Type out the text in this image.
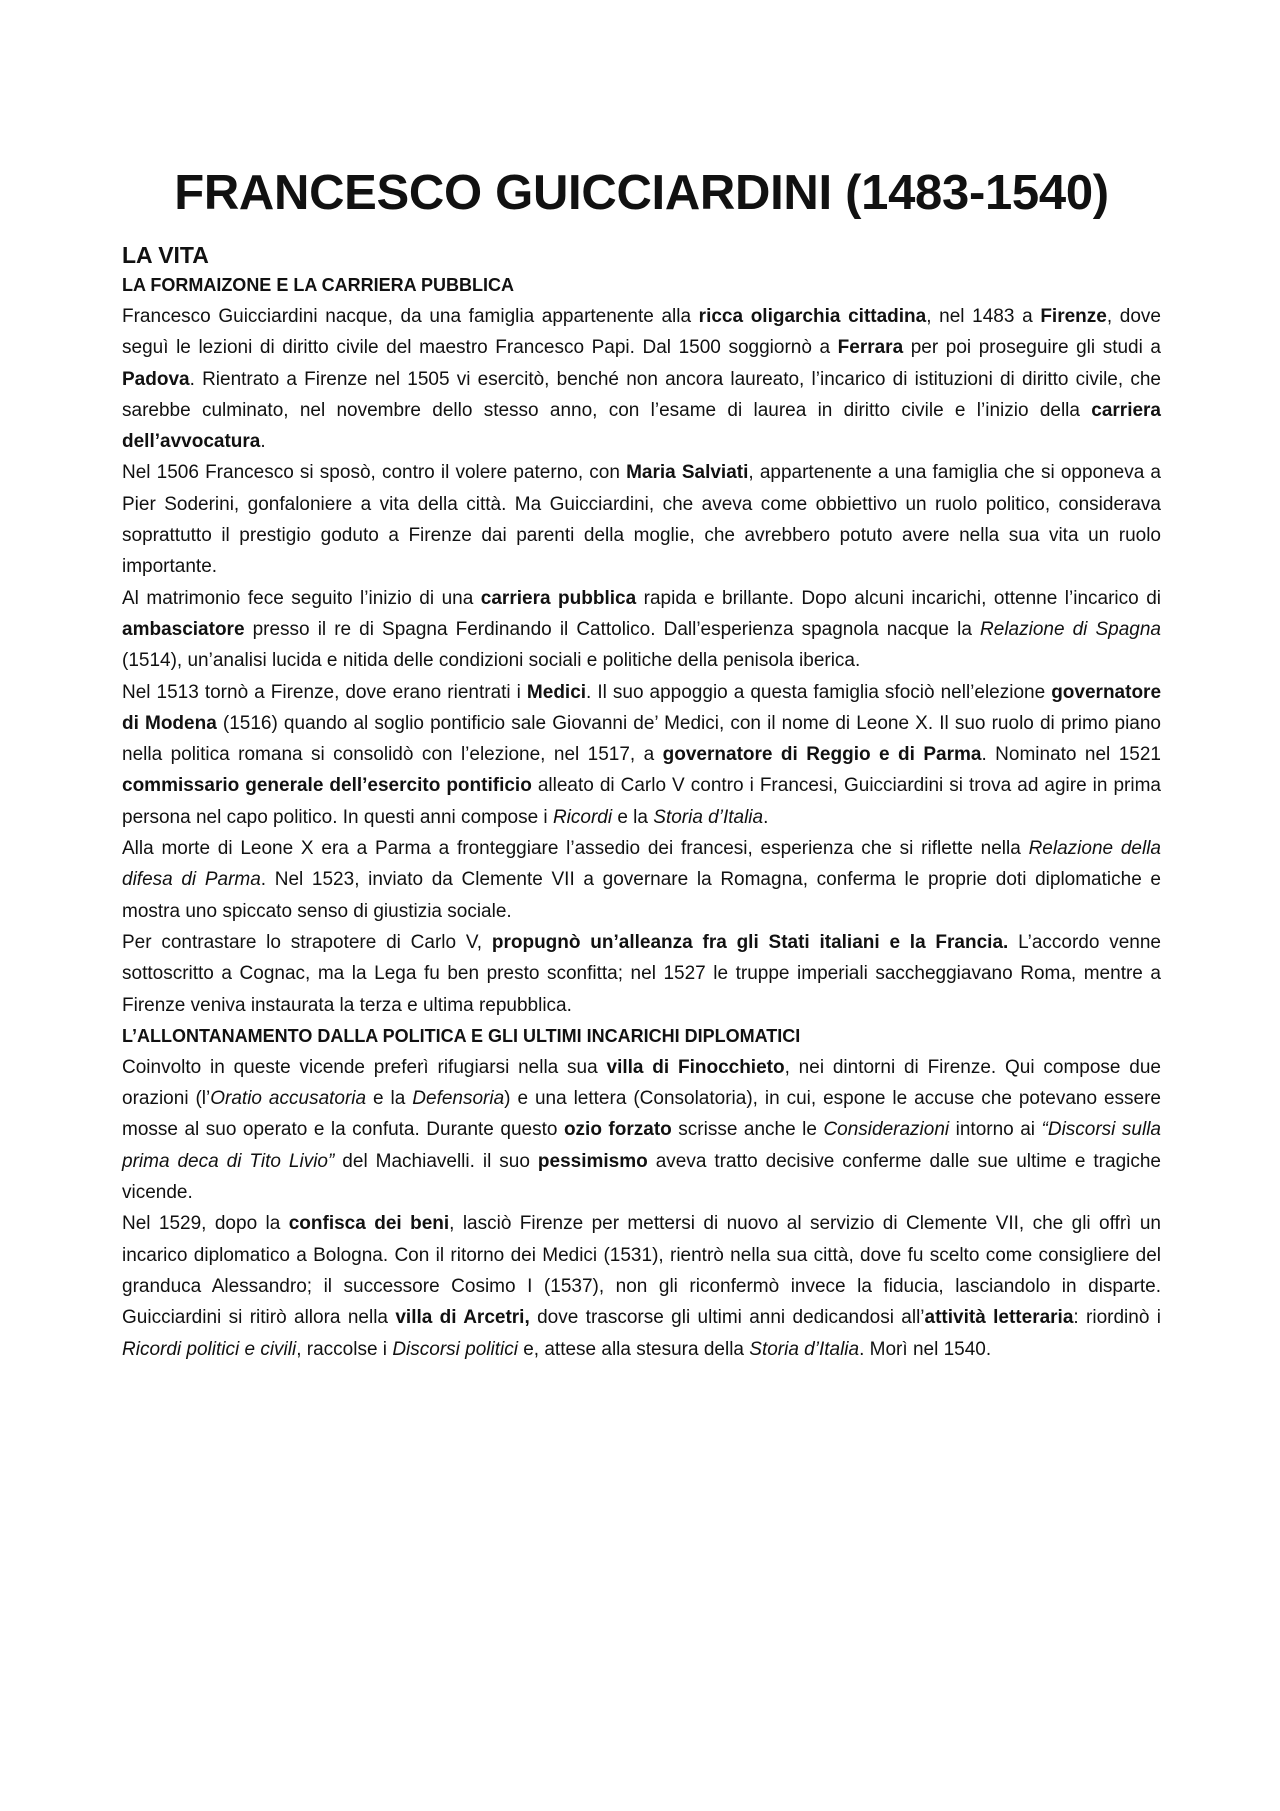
FRANCESCO GUICCIARDINI (1483-1540)
LA VITA
LA FORMAIZONE E LA CARRIERA PUBBLICA

Francesco Guicciardini nacque, da una famiglia appartenente alla ricca oligarchia cittadina, nel 1483 a Firenze, dove seguì le lezioni di diritto civile del maestro Francesco Papi. Dal 1500 soggiornò a Ferrara per poi proseguire gli studi a Padova. Rientrato a Firenze nel 1505 vi esercitò, benché non ancora laureato, l’incarico di istituzioni di diritto civile, che sarebbe culminato, nel novembre dello stesso anno, con l’esame di laurea in diritto civile e l’inizio della carriera dell’avvocatura.

Nel 1506 Francesco si sposò, contro il volere paterno, con Maria Salviati, appartenente a una famiglia che si opponeva a Pier Soderini, gonfaloniere a vita della città. Ma Guicciardini, che aveva come obbiettivo un ruolo politico, considerava soprattutto il prestigio goduto a Firenze dai parenti della moglie, che avrebbero potuto avere nella sua vita un ruolo importante.

Al matrimonio fece seguito l’inizio di una carriera pubblica rapida e brillante. Dopo alcuni incarichi, ottenne l’incarico di ambasciatore presso il re di Spagna Ferdinando il Cattolico. Dall’esperienza spagnola nacque la Relazione di Spagna (1514), un’analisi lucida e nitida delle condizioni sociali e politiche della penisola iberica.

Nel 1513 tornò a Firenze, dove erano rientrati i Medici. Il suo appoggio a questa famiglia sfociò nell’elezione governatore di Modena (1516) quando al soglio pontificio sale Giovanni de’ Medici, con il nome di Leone X. Il suo ruolo di primo piano nella politica romana si consolidò con l’elezione, nel 1517, a governatore di Reggio e di Parma. Nominato nel 1521 commissario generale dell’esercito pontificio alleato di Carlo V contro i Francesi, Guicciardini si trova ad agire in prima persona nel capo politico. In questi anni compose i Ricordi e la Storia d’Italia.

Alla morte di Leone X era a Parma a fronteggiare l’assedio dei francesi, esperienza che si riflette nella Relazione della difesa di Parma. Nel 1523, inviato da Clemente VII a governare la Romagna, conferma le proprie doti diplomatiche e mostra uno spiccato senso di giustizia sociale.

Per contrastare lo strapotere di Carlo V, propugnò un’alleanza fra gli Stati italiani e la Francia. L’accordo venne sottoscritto a Cognac, ma la Lega fu ben presto sconfitta; nel 1527 le truppe imperiali saccheggiavano Roma, mentre a Firenze veniva instaurata la terza e ultima repubblica.

L’ALLONTANAMENTO DALLA POLITICA E GLI ULTIMI INCARICHI DIPLOMATICI

Coinvolto in queste vicende preferì rifugiarsi nella sua villa di Finocchieto, nei dintorni di Firenze. Qui compose due orazioni (l’Oratio accusatoria e la Defensoria) e una lettera (Consolatoria), in cui, espone le accuse che potevano essere mosse al suo operato e la confuta. Durante questo ozio forzato scrisse anche le Considerazioni intorno ai “Discorsi sulla prima deca di Tito Livio” del Machiavelli. il suo pessimismo aveva tratto decisive conferme dalle sue ultime e tragiche vicende.

Nel 1529, dopo la confisca dei beni, lasciò Firenze per mettersi di nuovo al servizio di Clemente VII, che gli offrì un incarico diplomatico a Bologna. Con il ritorno dei Medici (1531), rientrò nella sua città, dove fu scelto come consigliere del granduca Alessandro; il successore Cosimo I (1537), non gli riconfermò invece la fiducia, lasciandolo in disparte. Guicciardini si ritirò allora nella villa di Arcetri, dove trascorse gli ultimi anni dedicandosi all’attività letteraria: riordinò i Ricordi politici e civili, raccolse i Discorsi politici e, attese alla stesura della Storia d’Italia. Morì nel 1540.
